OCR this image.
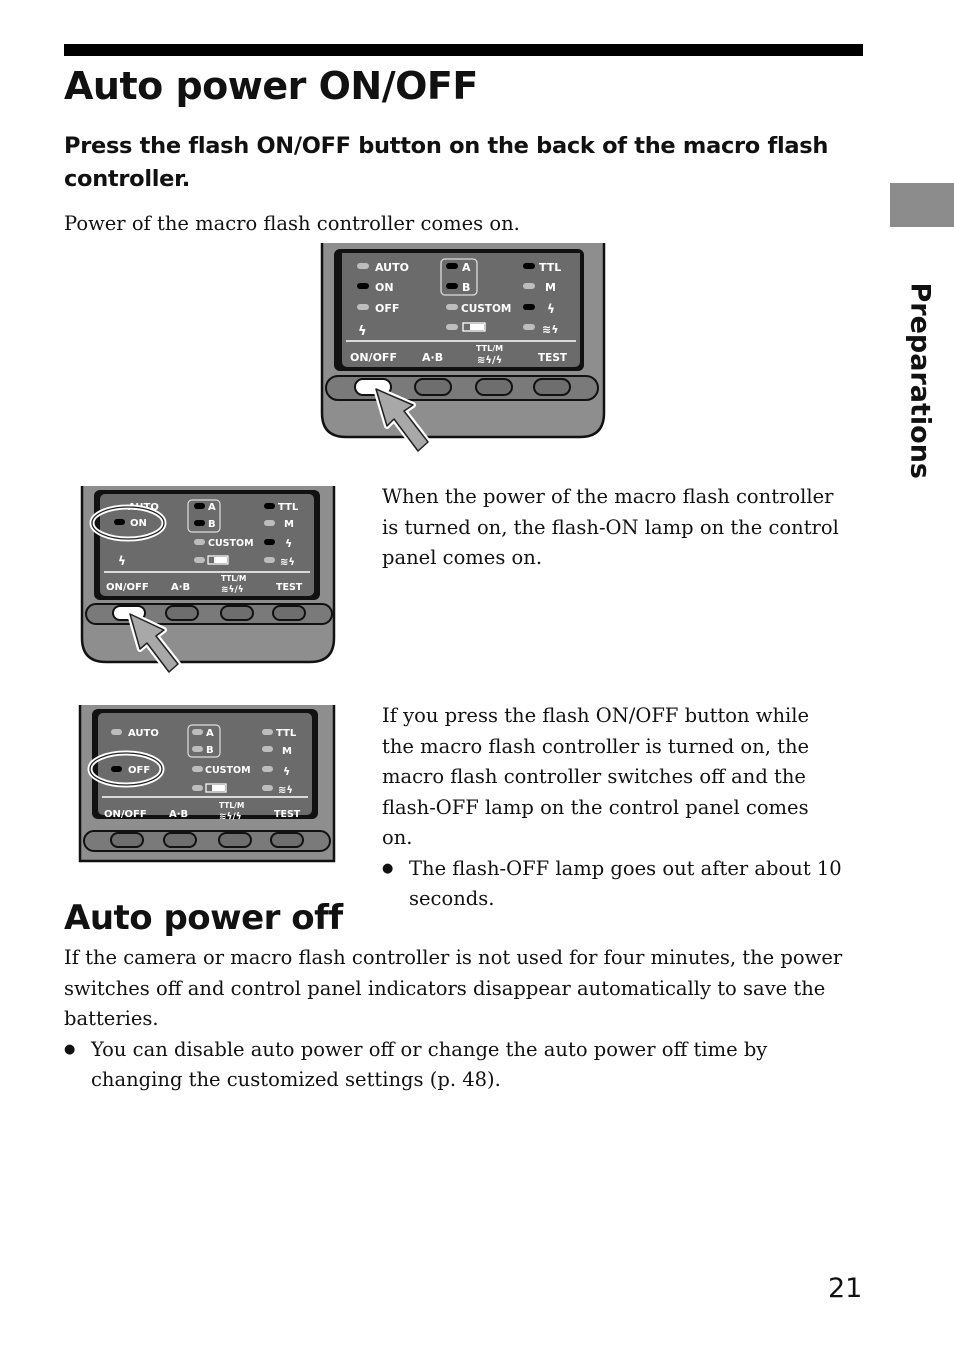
Auto power ON/OFF
Press the flash ON/OFF button on the back of the macro flash controller.

Power of the macro flash controller comes on.

Preparations
AUTO
ON
OFF
ϟ
A
B
CUSTOM
TTL
M
ϟ
≋ϟ
ON/OFF A·B
TTL/M
≋ϟ/ϟ	TEST
AUTO
ON
ϟ
A
B
CUSTOM
TTL
M
ϟ
≋ϟ
ON/OFF A·B
TTL/M
≋ϟ/ϟ	TEST
AUTO
OFF
A
B
CUSTOM
TTL
M
ϟ
≋ϟ
ON/OFF A·B
TTL/M
≋ϟ/ϟ	TEST

When the power of the macro flash controller is turned on, the flash-ON lamp on the control panel comes on.

If you press the flash ON/OFF button while the macro flash controller is turned on, the macro flash controller switches off and the flash-OFF lamp on the control panel comes on.

● The flash-OFF lamp goes out after about 10 seconds.
Auto power off

If the camera or macro flash controller is not used for four minutes, the power switches off and control panel indicators disappear automatically to save the batteries.

● You can disable auto power off or change the auto power off time by changing the customized settings (p. 48).
21
